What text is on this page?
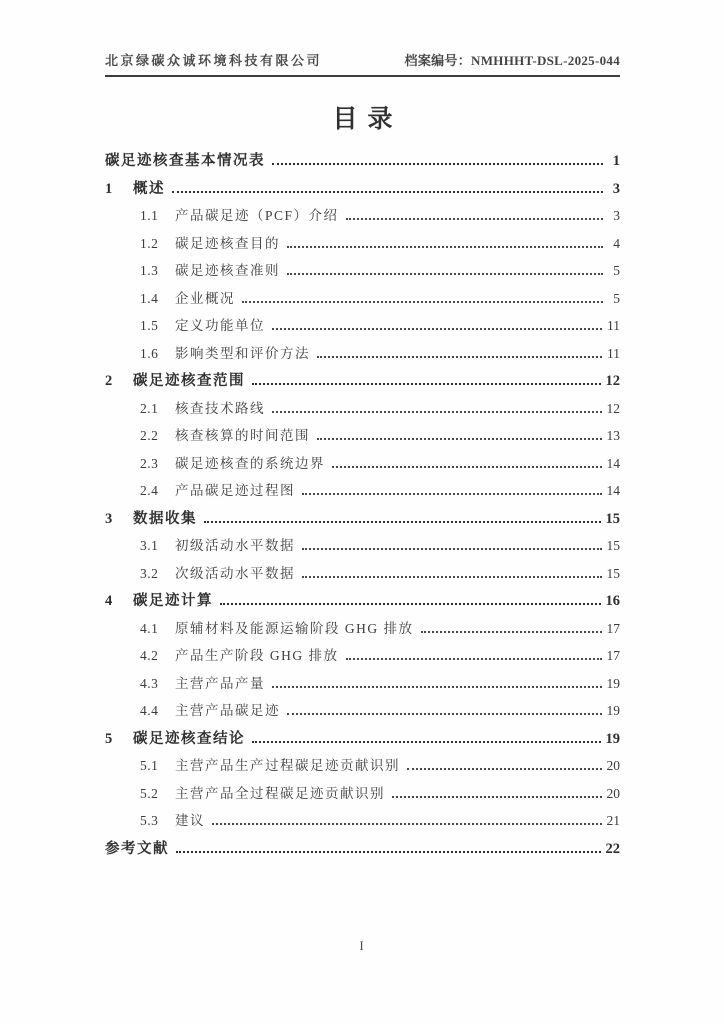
北京绿碳众诚环境科技有限公司	档案编号：NMHHHT-DSL-2025-044
目录
碳足迹核查基本情况表	1
1	概述	3
1.1	产品碳足迹（PCF）介绍	3
1.2	碳足迹核查目的	4
1.3	碳足迹核查准则	5
1.4	企业概况	5
1.5	定义功能单位	11
1.6	影响类型和评价方法	11
2	碳足迹核查范围	12
2.1	核查技术路线	12
2.2	核查核算的时间范围	13
2.3	碳足迹核查的系统边界	14
2.4	产品碳足迹过程图	14
3	数据收集	15
3.1	初级活动水平数据	15
3.2	次级活动水平数据	15
4	碳足迹计算	16
4.1	原辅材料及能源运输阶段 GHG 排放	17
4.2	产品生产阶段 GHG 排放	17
4.3	主营产品产量	19
4.4	主营产品碳足迹	19
5	碳足迹核查结论	19
5.1	主营产品生产过程碳足迹贡献识别	20
5.2	主营产品全过程碳足迹贡献识别	20
5.3	建议	21
参考文献	22
I
